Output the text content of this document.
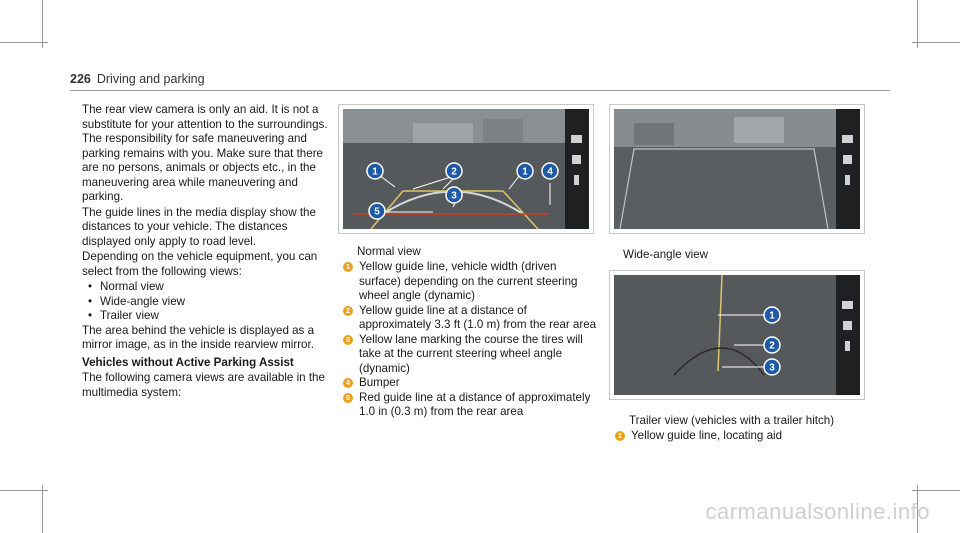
226 Driving and parking

The rear view camera is only an aid. It is not a substitute for your attention to the surroundings. The responsibility for safe maneuvering and parking remains with you. Make sure that there are no persons, animals or objects etc., in the maneuvering area while maneuvering and parking.

The guide lines in the media display show the distances to your vehicle. The distances displayed only apply to road level.

Depending on the vehicle equipment, you can select from the following views:

• Normal view
• Wide-angle view
• Trailer view

The area behind the vehicle is displayed as a mirror image, as in the inside rearview mirror.

Vehicles without Active Parking Assist

The following camera views are available in the multimedia system:

1	2	1 4
3
5
Normal view
1 Yellow guide line, vehicle width (driven surface) depending on the current steering wheel angle (dynamic)
2 Yellow guide line at a distance of approximately 3.3 ft (1.0 m) from the rear area
3 Yellow lane marking the course the tires will take at the current steering wheel angle (dynamic)
4 Bumper
5 Red guide line at a distance of approximately 1.0 in (0.3 m) from the rear area
Wide-angle view
1
2
3
Trailer view (vehicles with a trailer hitch)
1 Yellow guide line, locating aid
carmanualsonline.info
